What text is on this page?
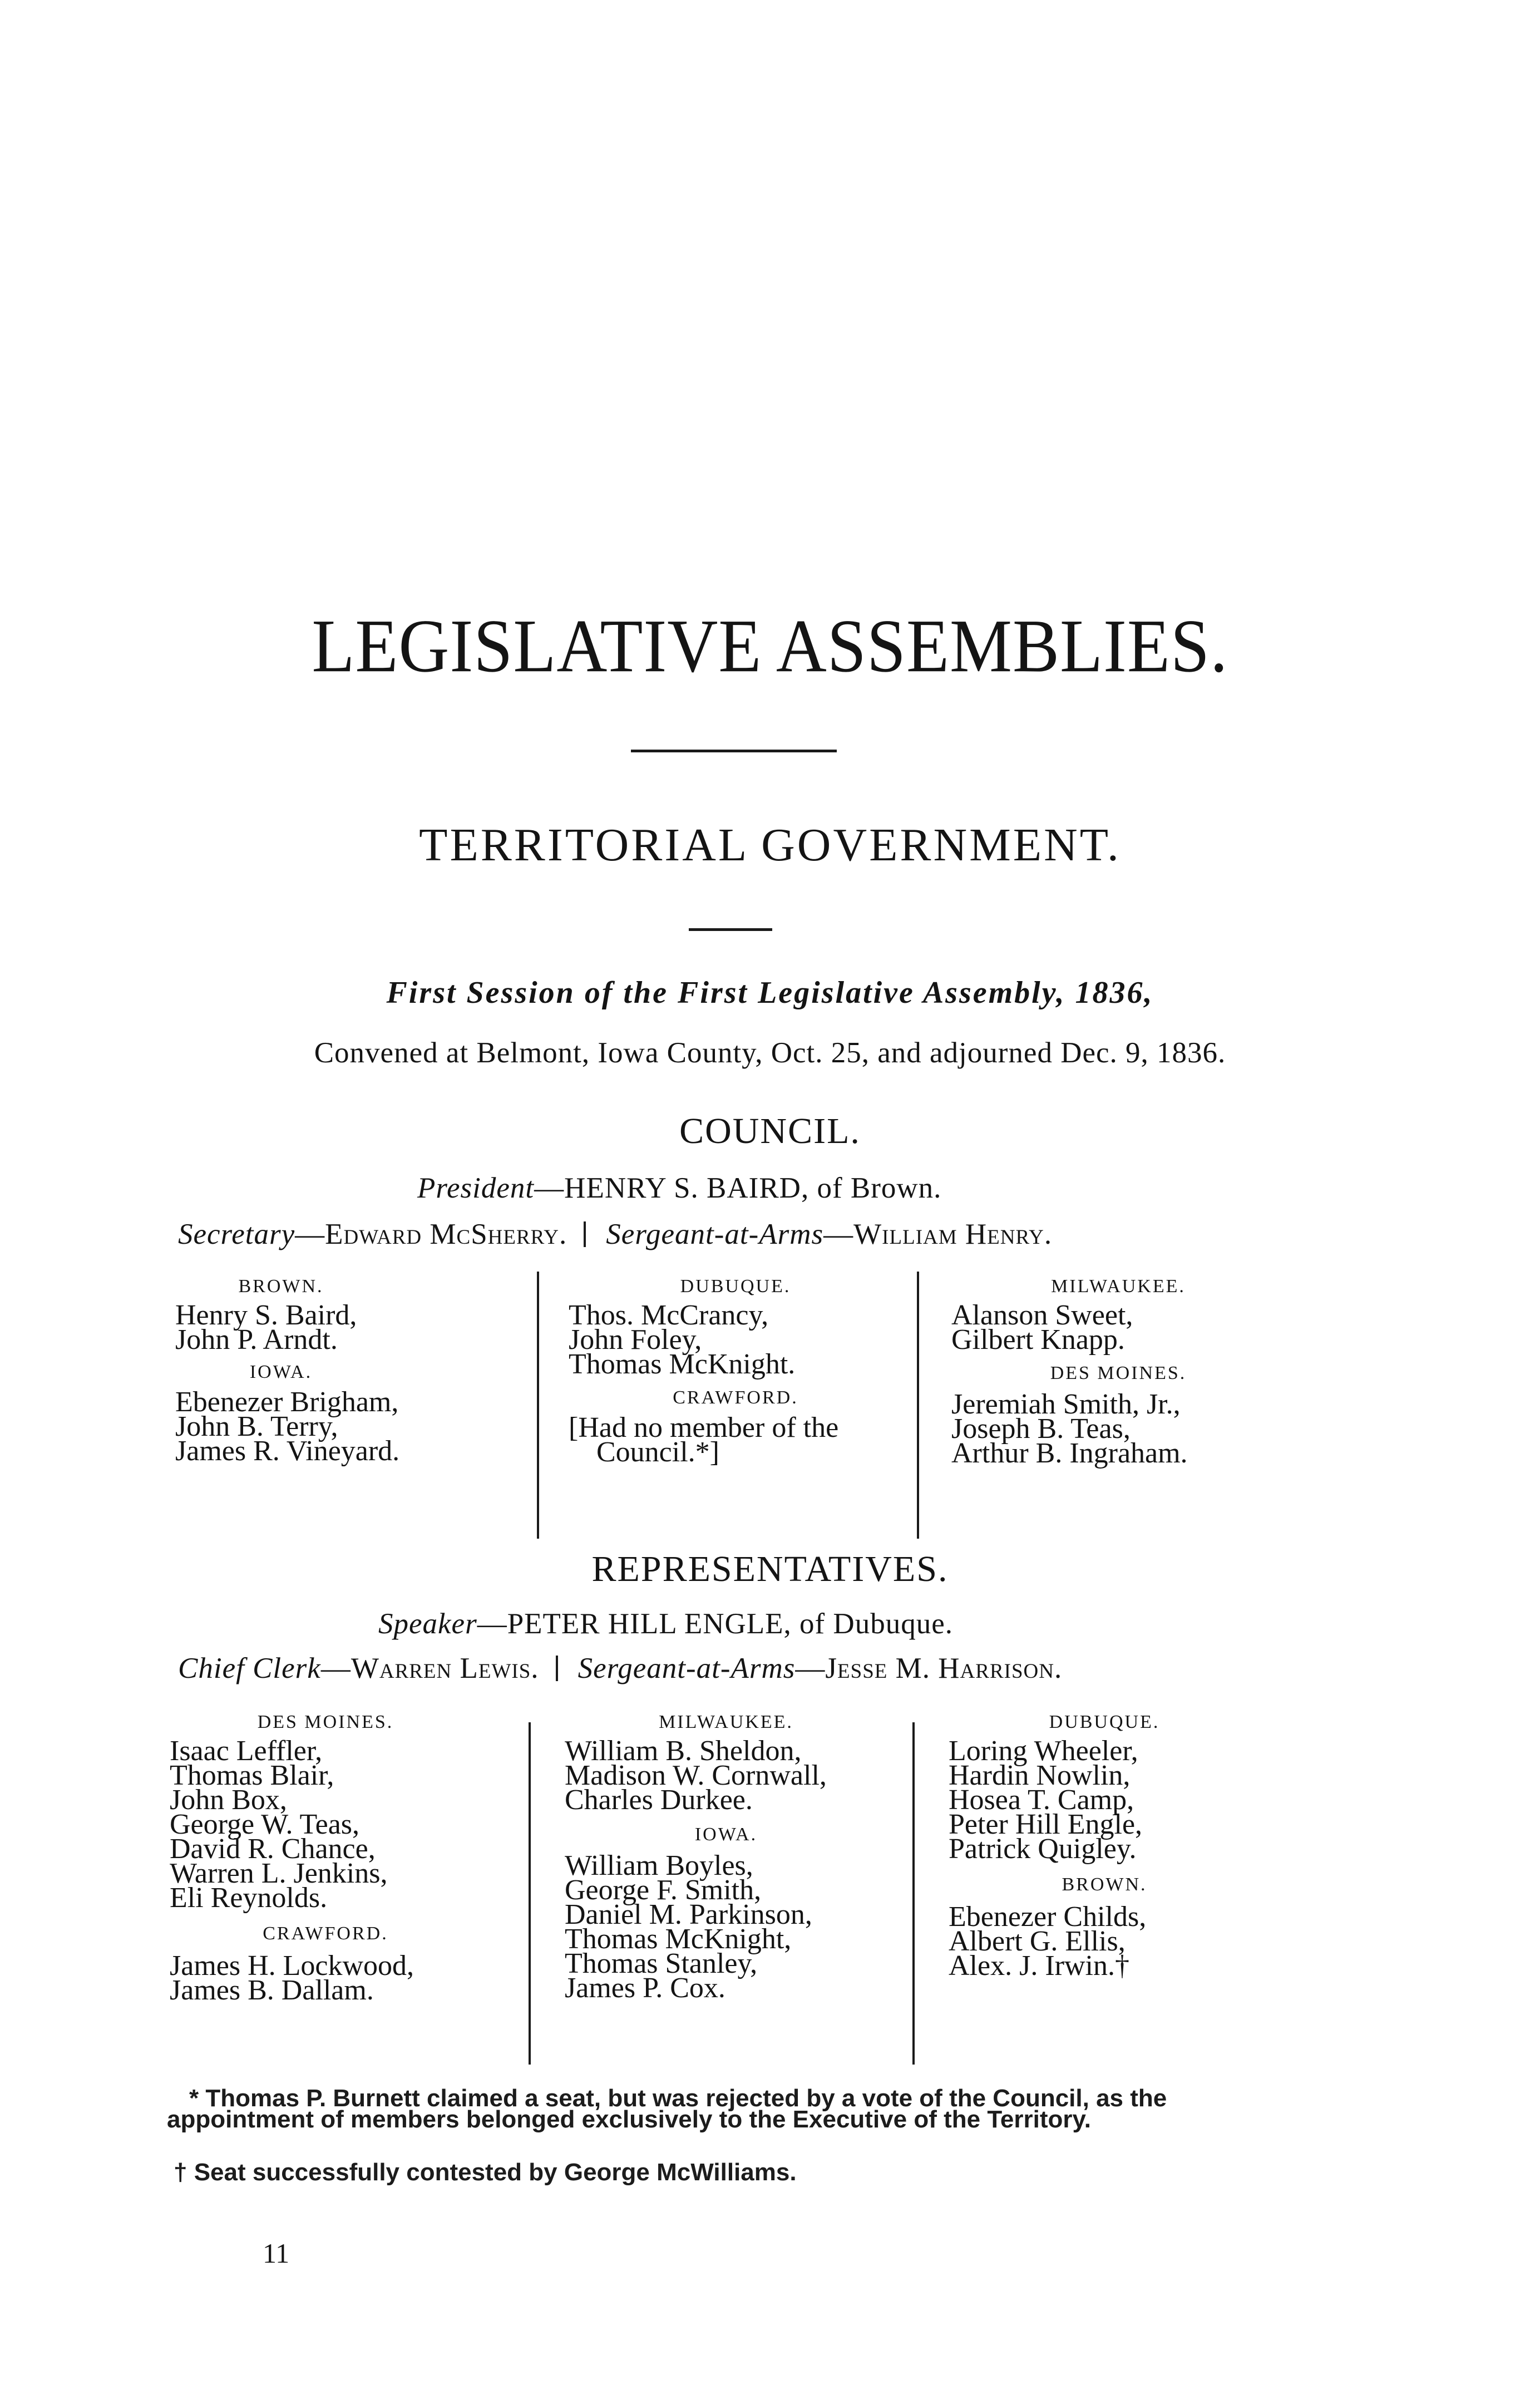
LEGISLATIVE ASSEMBLIES.
TERRITORIAL GOVERNMENT.
First Session of the First Legislative Assembly, 1836,
Convened at Belmont, Iowa County, Oct. 25, and adjourned Dec. 9, 1836.
COUNCIL.
President—HENRY S. BAIRD, of Brown.
Secretary—Edward McSherry. Sergeant-at-Arms—William Henry.
BROWN.
Henry S. Baird,
John P. Arndt.
IOWA.
Ebenezer Brigham,
John B. Terry,
James R. Vineyard.
DUBUQUE.
Thos. McCrancy,
John Foley,
Thomas McKnight.
CRAWFORD.
[Had no member of the
Council.*]
MILWAUKEE.
Alanson Sweet,
Gilbert Knapp.
DES MOINES.
Jeremiah Smith, Jr.,
Joseph B. Teas,
Arthur B. Ingraham.
REPRESENTATIVES.
Speaker—PETER HILL ENGLE, of Dubuque.
Chief Clerk—Warren Lewis. Sergeant-at-Arms—Jesse M. Harrison.
DES MOINES.
Isaac Leffler,
Thomas Blair,
John Box,
George W. Teas,
David R. Chance,
Warren L. Jenkins,
Eli Reynolds.
CRAWFORD.
James H. Lockwood,
James B. Dallam.
MILWAUKEE.
William B. Sheldon,
Madison W. Cornwall,
Charles Durkee.
IOWA.
William Boyles,
George F. Smith,
Daniel M. Parkinson,
Thomas McKnight,
Thomas Stanley,
James P. Cox.
DUBUQUE.
Loring Wheeler,
Hardin Nowlin,
Hosea T. Camp,
Peter Hill Engle,
Patrick Quigley.
BROWN.
Ebenezer Childs,
Albert G. Ellis,
Alex. J. Irwin.†
* Thomas P. Burnett claimed a seat, but was rejected by a vote of the Council, as the appointment of members belonged exclusively to the Executive of the Territory.
† Seat successfully contested by George McWilliams.
11
